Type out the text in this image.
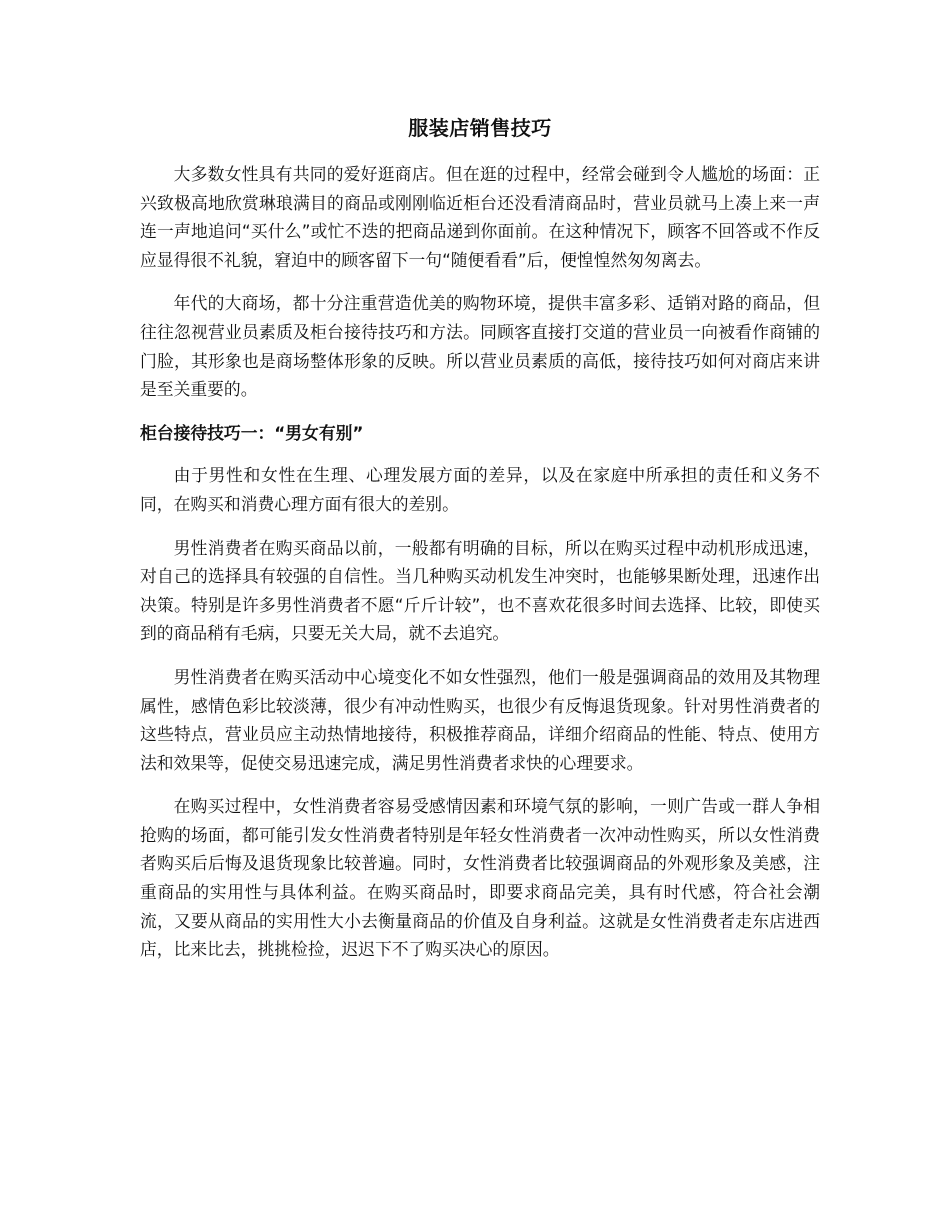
服装店销售技巧

大多数女性具有共同的爱好逛商店。但在逛的过程中，经常会碰到令人尴尬的场面：正兴致极高地欣赏琳琅满目的商品或刚刚临近柜台还没看清商品时，营业员就马上凑上来一声连一声地追问“买什么”或忙不迭的把商品递到你面前。在这种情况下，顾客不回答或不作反应显得很不礼貌，窘迫中的顾客留下一句“随便看看”后，便惶惶然匆匆离去。

年代的大商场，都十分注重营造优美的购物环境，提供丰富多彩、适销对路的商品，但往往忽视营业员素质及柜台接待技巧和方法。同顾客直接打交道的营业员一向被看作商铺的门脸，其形象也是商场整体形象的反映。所以营业员素质的高低，接待技巧如何对商店来讲是至关重要的。

柜台接待技巧一：“男女有别”

由于男性和女性在生理、心理发展方面的差异，以及在家庭中所承担的责任和义务不同，在购买和消费心理方面有很大的差别。

男性消费者在购买商品以前，一般都有明确的目标，所以在购买过程中动机形成迅速，对自己的选择具有较强的自信性。当几种购买动机发生冲突时，也能够果断处理，迅速作出决策。特别是许多男性消费者不愿“斤斤计较”，也不喜欢花很多时间去选择、比较，即使买到的商品稍有毛病，只要无关大局，就不去追究。

男性消费者在购买活动中心境变化不如女性强烈，他们一般是强调商品的效用及其物理属性，感情色彩比较淡薄，很少有冲动性购买，也很少有反悔退货现象。针对男性消费者的这些特点，营业员应主动热情地接待，积极推荐商品，详细介绍商品的性能、特点、使用方法和效果等，促使交易迅速完成，满足男性消费者求快的心理要求。

在购买过程中，女性消费者容易受感情因素和环境气氛的影响，一则广告或一群人争相抢购的场面，都可能引发女性消费者特别是年轻女性消费者一次冲动性购买，所以女性消费者购买后后悔及退货现象比较普遍。同时，女性消费者比较强调商品的外观形象及美感，注重商品的实用性与具体利益。在购买商品时，即要求商品完美，具有时代感，符合社会潮流，又要从商品的实用性大小去衡量商品的价值及自身利益。这就是女性消费者走东店进西店，比来比去，挑挑检捡，迟迟下不了购买决心的原因。
